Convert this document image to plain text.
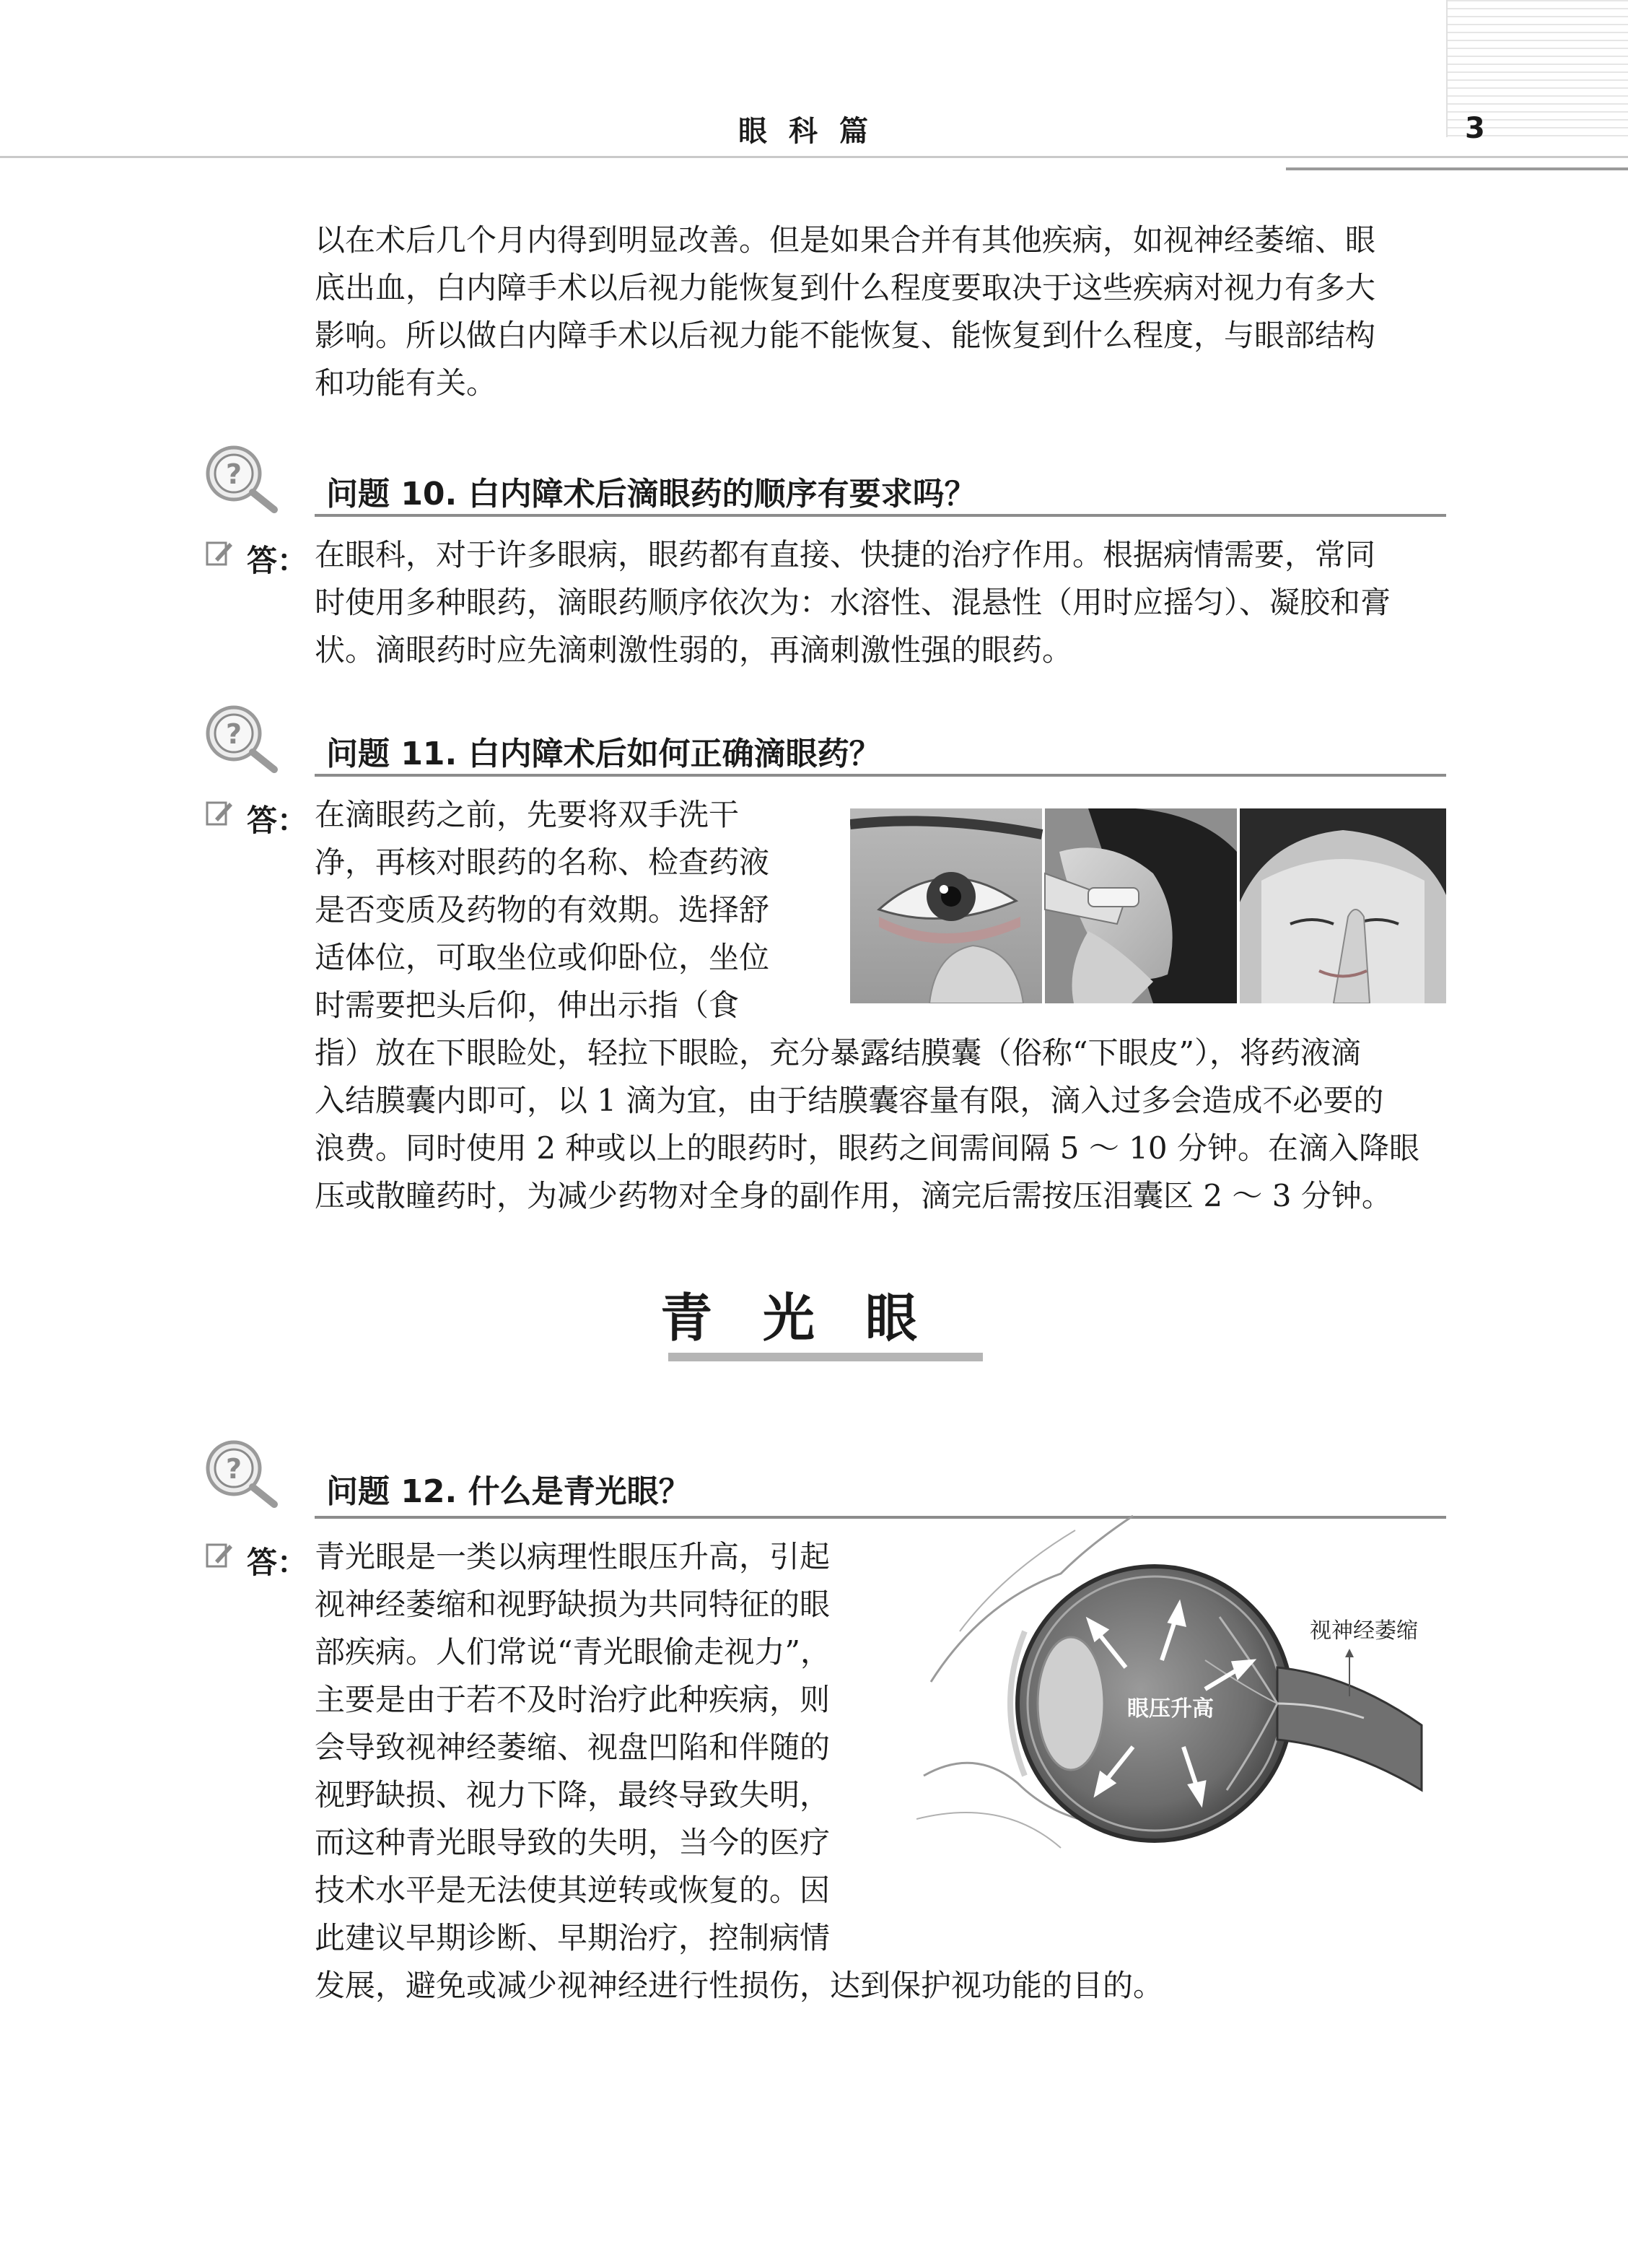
眼科篇	3
以在术后几个月内得到明显改善。但是如果合并有其他疾病，如视神经萎缩、眼
底出血，白内障手术以后视力能恢复到什么程度要取决于这些疾病对视力有多大
影响。所以做白内障手术以后视力能不能恢复、能恢复到什么程度，与眼部结构
和功能有关。
?
问题 10. 白内障术后滴眼药的顺序有要求吗？
答： 在眼科，对于许多眼病，眼药都有直接、快捷的治疗作用。根据病情需要，常同
时使用多种眼药，滴眼药顺序依次为：水溶性、混悬性（用时应摇匀）、凝胶和膏
状。滴眼药时应先滴刺激性弱的，再滴刺激性强的眼药。
?
问题 11. 白内障术后如何正确滴眼药？
答： 在滴眼药之前，先要将双手洗干
净，再核对眼药的名称、检查药液
是否变质及药物的有效期。选择舒
适体位，可取坐位或仰卧位，坐位
时需要把头后仰，伸出示指（食
指）放在下眼睑处，轻拉下眼睑，充分暴露结膜囊（俗称“下眼皮”），将药液滴
入结膜囊内即可，以 1 滴为宜，由于结膜囊容量有限，滴入过多会造成不必要的
浪费。同时使用 2 种或以上的眼药时，眼药之间需间隔 5 ～ 10 分钟。在滴入降眼
压或散瞳药时，为减少药物对全身的副作用，滴完后需按压泪囊区 2 ～ 3 分钟。
青光眼
?
问题 12. 什么是青光眼？
答： 青光眼是一类以病理性眼压升高，引起
视神经萎缩和视野缺损为共同特征的眼
部疾病。人们常说“青光眼偷走视力”，
主要是由于若不及时治疗此种疾病，则
会导致视神经萎缩、视盘凹陷和伴随的
视野缺损、视力下降，最终导致失明，
而这种青光眼导致的失明，当今的医疗
技术水平是无法使其逆转或恢复的。因
此建议早期诊断、早期治疗，控制病情
眼压升高
视神经萎缩
发展，避免或减少视神经进行性损伤，达到保护视功能的目的。
